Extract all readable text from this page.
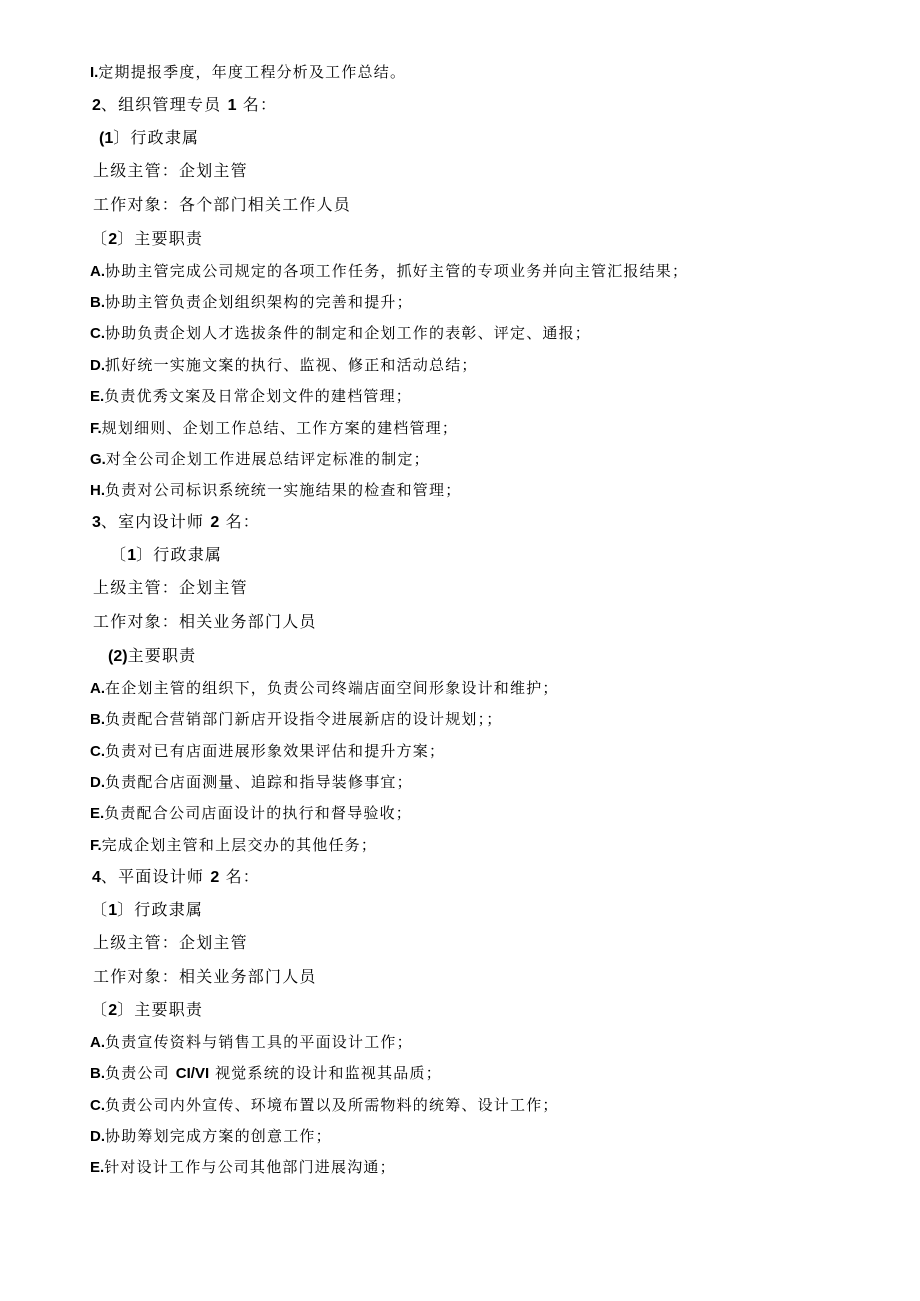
I.定期提报季度，年度工程分析及工作总结。
2、组织管理专员 1 名：
(1〕行政隶属
上级主管：企划主管
工作对象：各个部门相关工作人员
〔2〕主要职责
A.协助主管完成公司规定的各项工作任务，抓好主管的专项业务并向主管汇报结果；
B.协助主管负责企划组织架构的完善和提升；
C.协助负责企划人才选拔条件的制定和企划工作的表彰、评定、通报；
D.抓好统一实施文案的执行、监视、修正和活动总结；
E.负责优秀文案及日常企划文件的建档管理；
F.规划细则、企划工作总结、工作方案的建档管理；
G.对全公司企划工作进展总结评定标准的制定；
H.负责对公司标识系统统一实施结果的检查和管理；
3、室内设计师 2 名：
〔1〕行政隶属
上级主管：企划主管
工作对象：相关业务部门人员
(2)主要职责
A.在企划主管的组织下，负责公司终端店面空间形象设计和维护；
B.负责配合营销部门新店开设指令进展新店的设计规划；；
C.负责对已有店面进展形象效果评估和提升方案；
D.负责配合店面测量、追踪和指导装修事宜；
E.负责配合公司店面设计的执行和督导验收；
F.完成企划主管和上层交办的其他任务；
4、平面设计师 2 名：
〔1〕行政隶属
上级主管：企划主管
工作对象：相关业务部门人员
〔2〕主要职责
A.负责宣传资料与销售工具的平面设计工作；
B.负责公司 CI/VI 视觉系统的设计和监视其品质；
C.负责公司内外宣传、环境布置以及所需物料的统筹、设计工作；
D.协助筹划完成方案的创意工作；
E.针对设计工作与公司其他部门进展沟通；
